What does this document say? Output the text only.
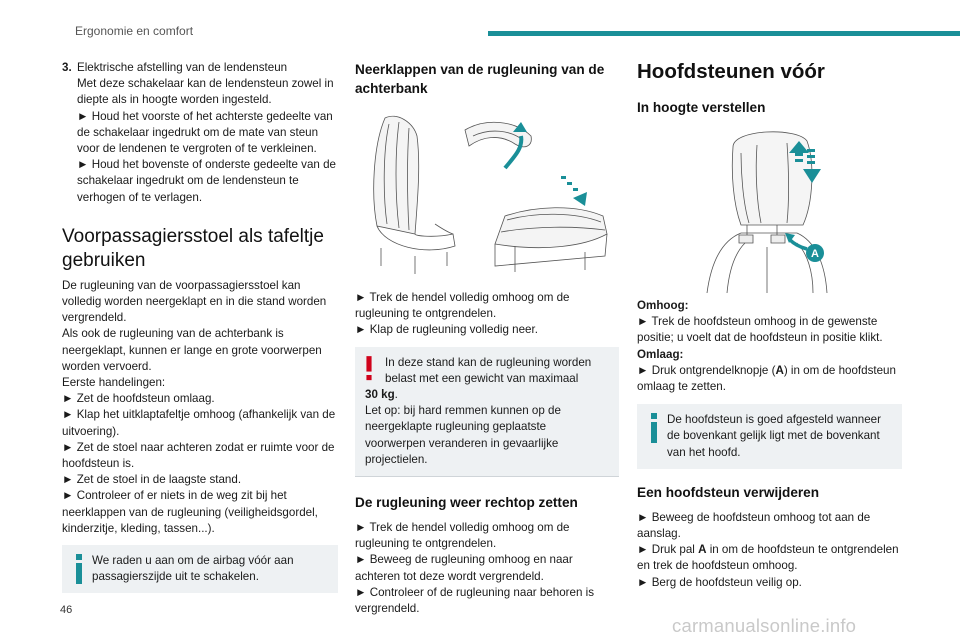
Ergonomie en comfort
3. Elektrische afstelling van de lendensteun

Met deze schakelaar kan de lendensteun zowel in diepte als in hoogte worden ingesteld.

► Houd het voorste of het achterste gedeelte van de schakelaar ingedrukt om de mate van steun voor de lendenen te vergroten of te verkleinen.

► Houd het bovenste of onderste gedeelte van de schakelaar ingedrukt om de lendensteun te verhogen of te verlagen.

Voorpassagiersstoel als tafeltje gebruiken

De rugleuning van de voorpassagiersstoel kan volledig worden neergeklapt en in die stand worden vergrendeld.

Als ook de rugleuning van de achterbank is neergeklapt, kunnen er lange en grote voorwerpen worden vervoerd.

Eerste handelingen:

► Zet de hoofdsteun omlaag.

► Klap het uitklaptafeltje omhoog (afhankelijk van de uitvoering).

► Zet de stoel naar achteren zodat er ruimte voor de hoofdsteun is.

► Zet de stoel in de laagste stand.

► Controleer of er niets in de weg zit bij het neerklappen van de rugleuning (veiligheidsgordel, kinderzitje, kleding, tassen...).

We raden u aan om de airbag vóór aan passagierszijde uit te schakelen.
Neerklappen van de rugleuning van de achterbank

► Trek de hendel volledig omhoog om de rugleuning te ontgrendelen.

► Klap de rugleuning volledig neer.

In deze stand kan de rugleuning worden belast met een gewicht van maximaal
30 kg.
Let op: bij hard remmen kunnen op de neergeklapte rugleuning geplaatste voorwerpen veranderen in gevaarlijke projectielen.
De rugleuning weer rechtop zetten

► Trek de hendel volledig omhoog om de rugleuning te ontgrendelen.

► Beweeg de rugleuning omhoog en naar achteren tot deze wordt vergrendeld.

► Controleer of de rugleuning naar behoren is vergrendeld.

Hoofdsteunen vóór
In hoogte verstellen
A

Omhoog:

► Trek de hoofdsteun omhoog in de gewenste positie; u voelt dat de hoofdsteun in positie klikt.

Omlaag:

► Druk ontgrendelknopje (A) in om de hoofdsteun omlaag te zetten.

De hoofdsteun is goed afgesteld wanneer de bovenkant gelijk ligt met de bovenkant van het hoofd.
Een hoofdsteun verwijderen

► Beweeg de hoofdsteun omhoog tot aan de aanslag.

► Druk pal A in om de hoofdsteun te ontgrendelen en trek de hoofdsteun omhoog.

► Berg de hoofdsteun veilig op.

46
carmanualsonline.info
